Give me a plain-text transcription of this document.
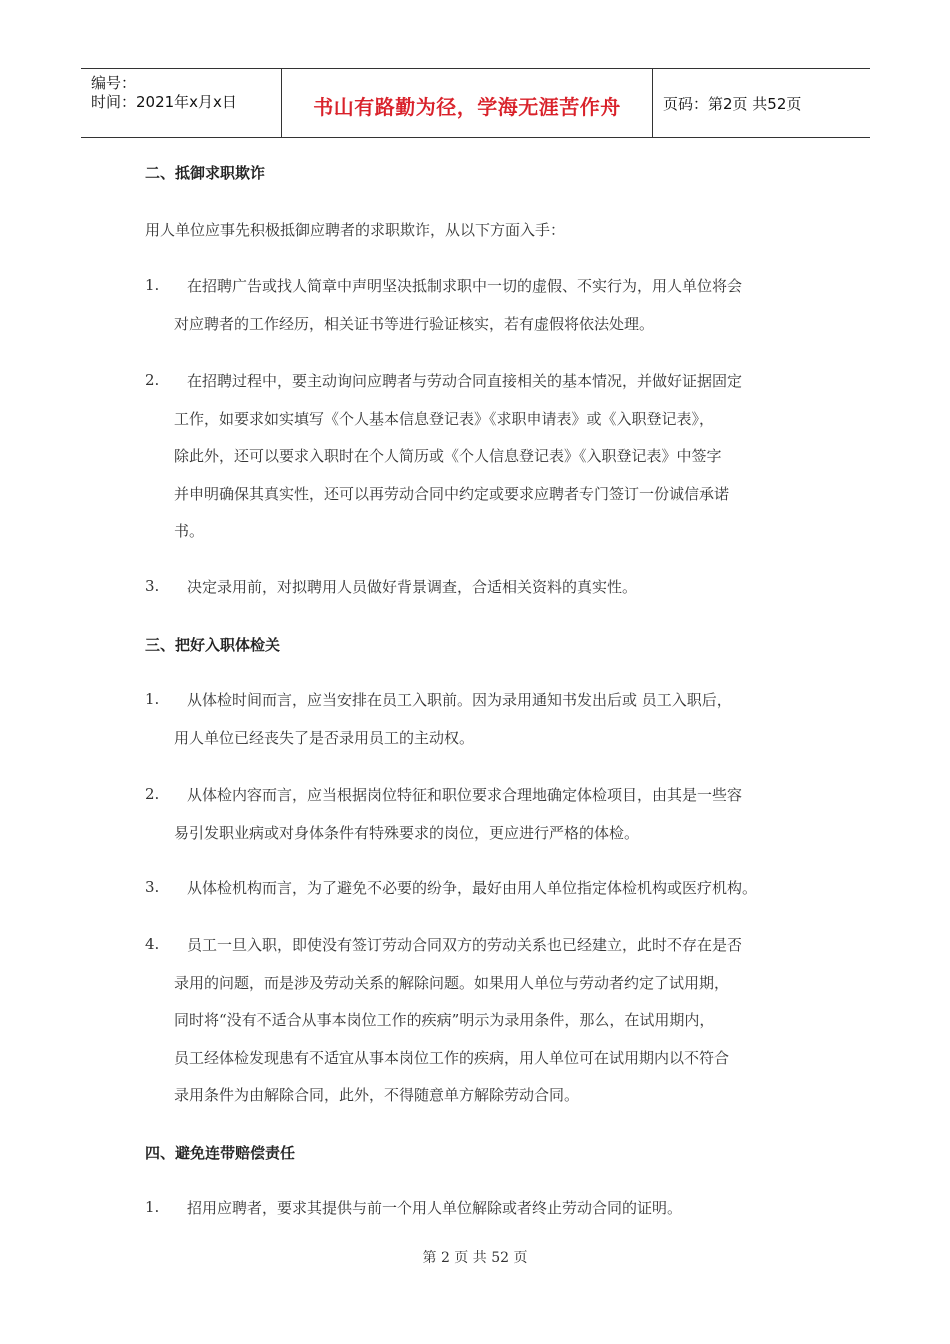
编号：
时间：2021年x月x日	书山有路勤为径，学海无涯苦作舟	页码：第2页 共52页
二、抵御求职欺诈
用人单位应事先积极抵御应聘者的求职欺诈，从以下方面入手：
1.	在招聘广告或找人简章中声明坚决抵制求职中一切的虚假、不实行为，用人单位将会
对应聘者的工作经历，相关证书等进行验证核实，若有虚假将依法处理。
2.	在招聘过程中，要主动询问应聘者与劳动合同直接相关的基本情况，并做好证据固定
工作，如要求如实填写《个人基本信息登记表》《求职申请表》或《入职登记表》，
除此外，还可以要求入职时在个人简历或《个人信息登记表》《入职登记表》中签字
并申明确保其真实性，还可以再劳动合同中约定或要求应聘者专门签订一份诚信承诺
书。
3.	决定录用前，对拟聘用人员做好背景调查，合适相关资料的真实性。
三、把好入职体检关
1.	从体检时间而言，应当安排在员工入职前。因为录用通知书发出后或 员工入职后，
用人单位已经丧失了是否录用员工的主动权。
2.	从体检内容而言，应当根据岗位特征和职位要求合理地确定体检项目，由其是一些容
易引发职业病或对身体条件有特殊要求的岗位，更应进行严格的体检。
3.	从体检机构而言，为了避免不必要的纷争，最好由用人单位指定体检机构或医疗机构。
4.	员工一旦入职，即使没有签订劳动合同双方的劳动关系也已经建立，此时不存在是否
录用的问题，而是涉及劳动关系的解除问题。如果用人单位与劳动者约定了试用期，
同时将“没有不适合从事本岗位工作的疾病”明示为录用条件，那么，在试用期内，
员工经体检发现患有不适宜从事本岗位工作的疾病，用人单位可在试用期内以不符合
录用条件为由解除合同，此外，不得随意单方解除劳动合同。
四、避免连带赔偿责任
1.	招用应聘者，要求其提供与前一个用人单位解除或者终止劳动合同的证明。
第 2 页 共 52 页
